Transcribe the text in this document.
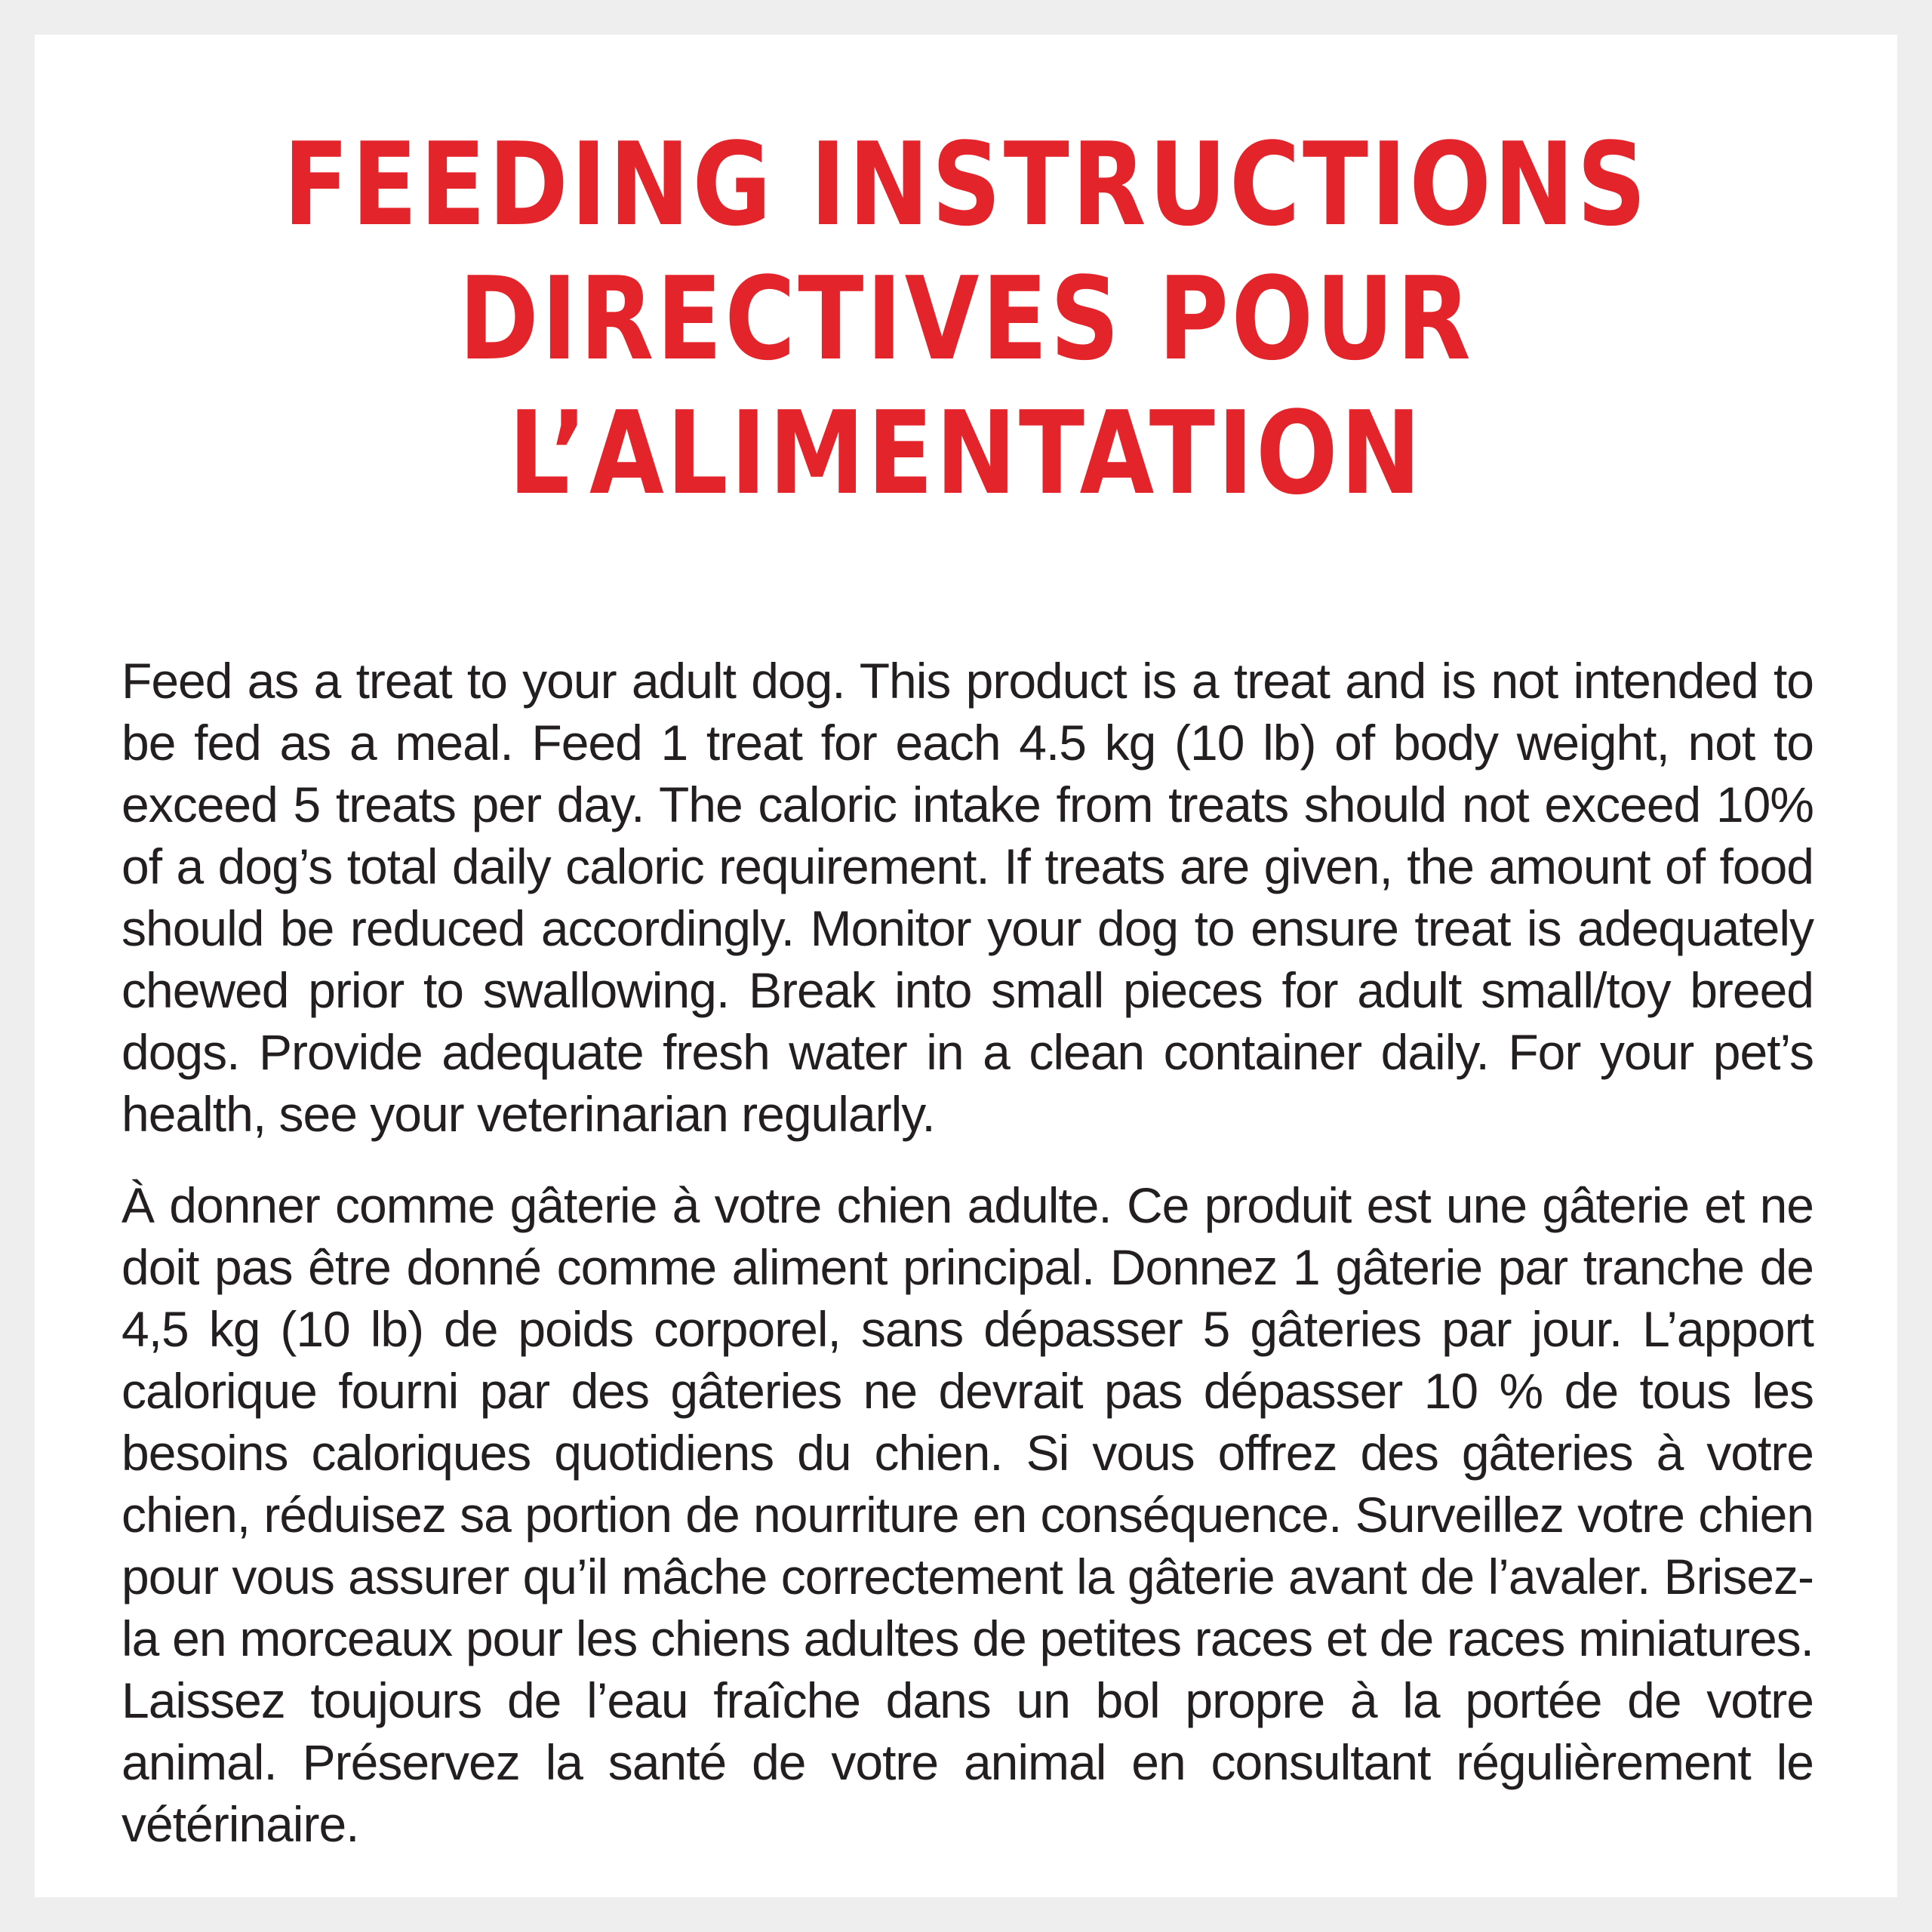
FEEDING INSTRUCTIONS
DIRECTIVES POUR
L’ALIMENTATION

Feed as a treat to your adult dog. This product is a treat and is not intended to be fed as a meal. Feed 1 treat for each 4.5 kg (10 lb) of body weight, not to exceed 5 treats per day. The caloric intake from treats should not exceed 10% of a dog’s total daily caloric requirement. If treats are given, the amount of food should be reduced accordingly. Monitor your dog to ensure treat is adequately chewed prior to swallowing. Break into small pieces for adult small/toy breed dogs. Provide adequate fresh water in a clean container daily. For your pet’s health, see your veterinarian regularly.

À donner comme gâterie à votre chien adulte. Ce produit est une gâterie et ne doit pas être donné comme aliment principal. Donnez 1 gâterie par tranche de 4,5 kg (10 lb) de poids corporel, sans dépasser 5 gâteries par jour. L’apport calorique fourni par des gâteries ne devrait pas dépasser 10 % de tous les besoins caloriques quotidiens du chien. Si vous offrez des gâteries à votre chien, réduisez sa portion de nourriture en conséquence. Surveillez votre chien pour vous assurer qu’il mâche correctement la gâterie avant de l’avaler. Brisez-la en morceaux pour les chiens adultes de petites races et de races miniatures. Laissez toujours de l’eau fraîche dans un bol propre à la portée de votre animal. Préservez la santé de votre animal en consultant régulièrement le vétérinaire.
